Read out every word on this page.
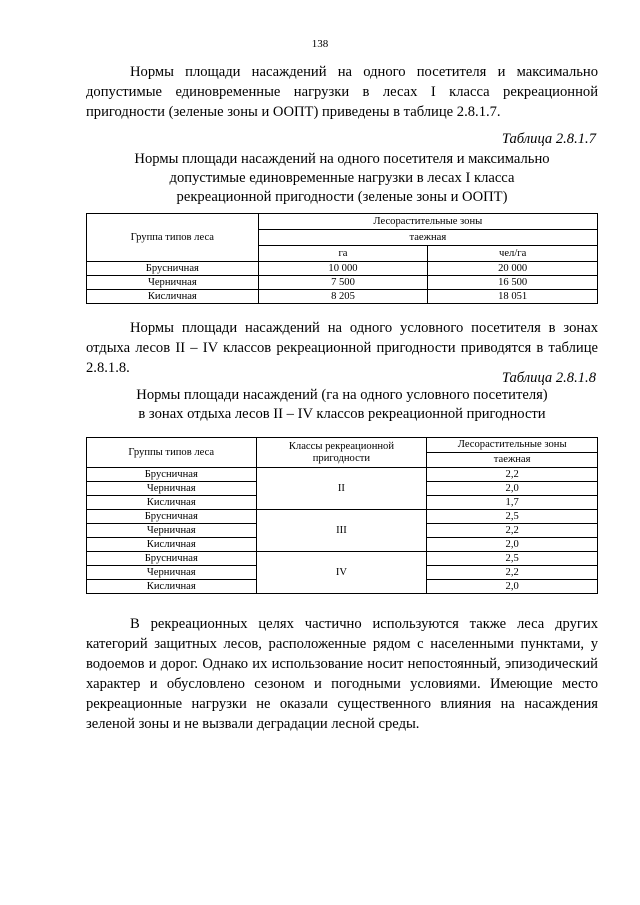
138

Нормы площади насаждений на одного посетителя и максимально допустимые единовременные нагрузки в лесах I класса рекреационной пригодности (зеленые зоны и ООПТ) приведены в таблице 2.8.1.7.

Таблица 2.8.1.7
Нормы площади насаждений на одного посетителя и максимально
допустимые единовременные нагрузки в лесах I класса
рекреационной пригодности (зеленые зоны и ООПТ)
Группа типов леса	Лесорастительные зоны	
	таежная	
	га	чел/га
Брусничная	10 000	20 000
Черничная	7 500	16 500
Кисличная	8 205	18 051

Нормы площади насаждений на одного условного посетителя в зонах отдыха лесов II – IV классов рекреационной пригодности приводятся в таблице 2.8.1.8.

Таблица 2.8.1.8
Нормы площади насаждений (га на одного условного посетителя)
в зонах отдыха лесов II – IV классов рекреационной пригодности
Группы типов леса	Классы рекреационной пригодности	Лесорастительные зоны
		таежная
Брусничная	II	2,2
Черничная		2,0
Кисличная		1,7
Брусничная	III	2,5
Черничная		2,2
Кисличная		2,0
Брусничная	IV	2,5
Черничная		2,2
Кисличная		2,0

В рекреационных целях частично используются также леса других категорий защитных лесов, расположенные рядом с населенными пунктами, у водоемов и дорог. Однако их использование носит непостоянный, эпизодический характер и обусловлено сезоном и погодными условиями. Имеющие место рекреационные нагрузки не оказали существенного влияния на насаждения зеленой зоны и не вызвали деградации лесной среды.
